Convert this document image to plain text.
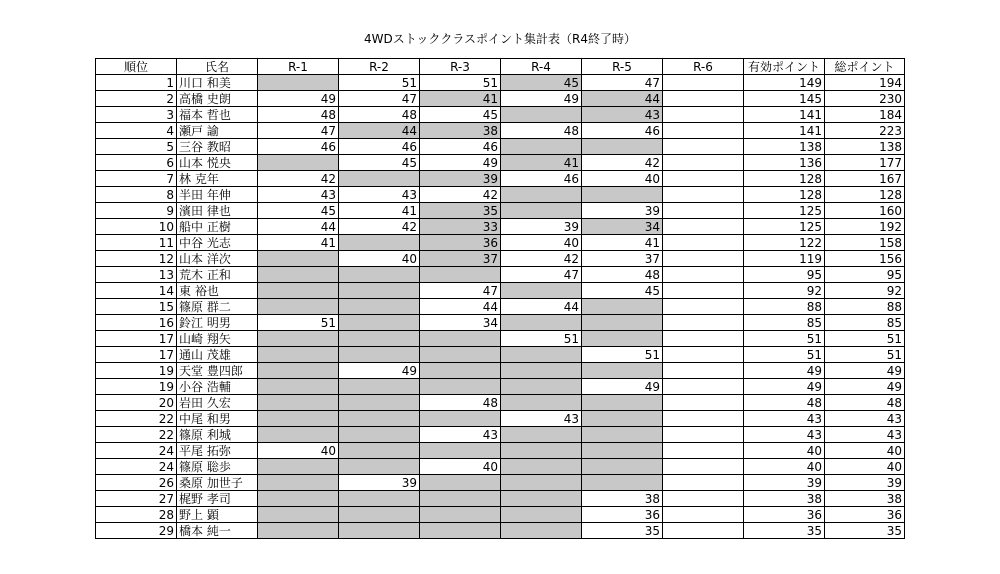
4WDストッククラスポイント集計表（R4終了時）
順位	氏名	R-1	R-2	R-3	R-4	R-5	R-6	有効ポイント	総ポイント
1	川口 和美		51	51	45	47		149	194
2	高橋 史朗	49	47	41	49	44		145	230
3	福本 哲也	48	48	45		43		141	184
4	瀬戸 諭	47	44	38	48	46		141	223
5	三谷 教昭	46	46	46				138	138
6	山本 悦央		45	49	41	42		136	177
7	林 克年	42		39	46	40		128	167
8	半田 年伸	43	43	42				128	128
9	濱田 律也	45	41	35		39		125	160
10	船中 正樹	44	42	33	39	34		125	192
11	中谷 光志	41		36	40	41		122	158
12	山本 洋次		40	37	42	37		119	156
13	荒木 正和				47	48		95	95
14	東 裕也			47		45		92	92
15	篠原 群二			44	44			88	88
16	鈴江 明男	51		34				85	85
17	山崎 翔矢				51			51	51
17	通山 茂雄					51		51	51
19	天堂 豊四郎		49					49	49
19	小谷 浩輔					49		49	49
20	岩田 久宏			48				48	48
22	中尾 和男				43			43	43
22	篠原 利城			43				43	43
24	平尾 拓弥	40						40	40
24	篠原 聡歩			40				40	40
26	桑原 加世子		39					39	39
27	梶野 孝司					38		38	38
28	野上 顕					36		36	36
29	橋本 純一					35		35	35
